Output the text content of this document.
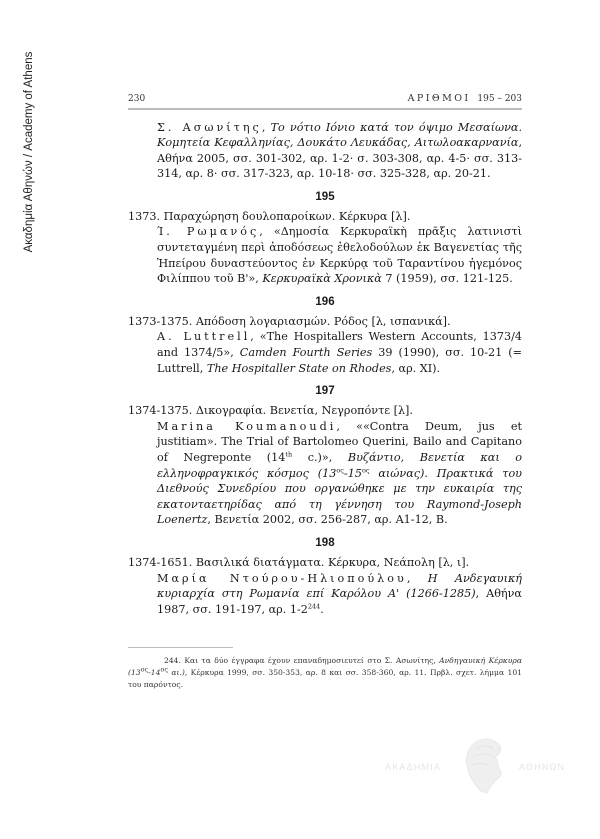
Ακαδημία Αθηνών / Academy of Athens	230	ΑΡΙΘΜΟΙ 195 – 203
Σ. Ασωνίτης, Το νότιο Ιόνιο κατά τον όψιμο Μεσαίωνα. Κομητεία Κεφαλληνίας, Δουκάτο Λευκάδας, Αιτωλοακαρνανία, Αθήνα 2005, σσ. 301-302, αρ. 1-2· σ. 303-308, αρ. 4-5· σσ. 313-314, αρ. 8· σσ. 317-323, αρ. 10-18· σσ. 325-328, αρ. 20-21.
195
1373. Παραχώρηση δουλοπαροίκων. Κέρκυρα [λ].
Ί. Ρωμανός, «Δημοσία Κερκυραϊκὴ πρᾶξις λατινιστὶ συντεταγμένη περὶ ἀποδόσεως ἐθελοδούλων ἐκ Βαγενετίας τῆς Ἠπείρου δυναστεύοντος ἐν Κερκύρᾳ τοῦ Ταραντίνου ἡγεμόνος Φιλίππου τοῦ Β'», Κερκυραϊκὰ Χρονικὰ 7 (1959), σσ. 121-125.
196
1373-1375. Απόδοση λογαριασμών. Ρόδος [λ, ισπανικά].
A. Luttrell, «The Hospitallers Western Accounts, 1373/4 and 1374/5», Camden Fourth Series 39 (1990), σσ. 10-21 (= Luttrell, The Hospitaller State on Rhodes, αρ. XI).
197
1374-1375. Δικογραφία. Βενετία, Νεγροπόντε [λ].
Marina Koumanoudi, ««Contra Deum, jus et justitiam». The Trial of Bartolomeo Querini, Bailo and Capitano of Negreponte (14th c.)», Βυζάντιο, Βενετία και ο ελληνοφραγκικός κόσμος ($13^{o\varsigma}-15^{o\varsigma}$ αιώνας). Πρακτικά του Διεθνούς Συνεδρίου που οργανώθηκε με την ευκαιρία της εκατονταετηρίδας από τη γέννηση του Raymond-Joseph Loenertz, Βενετία 2002, σσ. 256-287, αρ. A1-12, B.
198
1374-1651. Βασιλικά διατάγματα. Κέρκυρα, Νεάπολη [λ, ι].
Μαρία Ντούρου-Ηλιοπούλου, Η Ανδεγαυική κυριαρχία στη Ρωμανία επί Καρόλου Α' (1266-1285), Αθήνα 1987, σσ. 191-197, αρ. $1-2^{244}$.
244. Και τα δύο έγγραφα έχουν επαναδημοσιευτεί στο Σ. Ασωνίτης, Ανδηγαυική Κέρκυρα ($13^{o\varsigma}-14^{o\varsigma}$ αι.), Κέρκυρα 1999, σσ. 350-353, αρ. 8 και σσ. 358-360, αρ. 11. Πρβλ. σχετ. λήμμα 101 του παρόντος.
ΑΚΑΔΗΜΙΑ	ΑΘΗΝΩΝ
